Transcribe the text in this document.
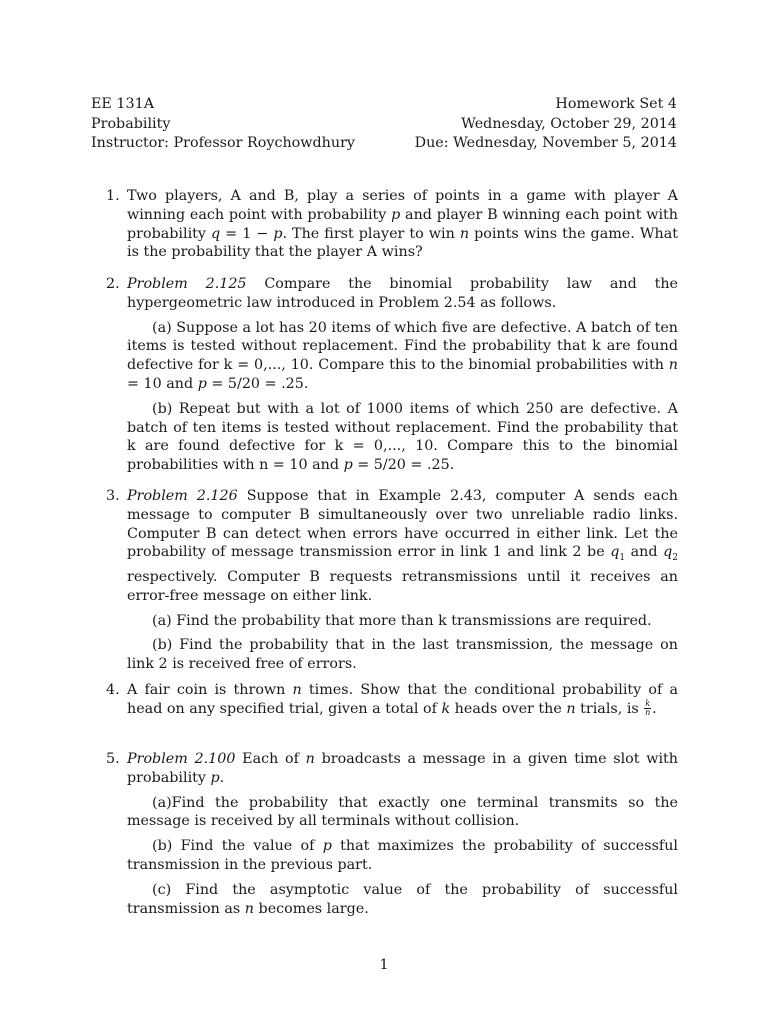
EE 131A
Probability
Instructor: Professor Roychowdhury
Homework Set 4
Wednesday, October 29, 2014
Due: Wednesday, November 5, 2014
1. Two players, A and B, play a series of points in a game with player A winning each point with probability p and player B winning each point with probability q = 1 − p. The first player to win n points wins the game. What is the probability that the player A wins?
2. Problem 2.125 Compare the binomial probability law and the hypergeometric law introduced in Problem 2.54 as follows.
(a) Suppose a lot has 20 items of which five are defective. A batch of ten items is tested without replacement. Find the probability that k are found defective for k = 0,..., 10. Compare this to the binomial probabilities with n = 10 and p = 5/20 = .25.
(b) Repeat but with a lot of 1000 items of which 250 are defective. A batch of ten items is tested without replacement. Find the probability that k are found defective for k = 0,..., 10. Compare this to the binomial probabilities with n = 10 and p = 5/20 = .25.
3. Problem 2.126 Suppose that in Example 2.43, computer A sends each message to computer B simultaneously over two unreliable radio links. Computer B can detect when errors have occurred in either link. Let the probability of message transmission error in link 1 and link 2 be $q_1$ and $q_2$ respectively. Computer B requests retransmissions until it receives an error-free message on either link.
(a) Find the probability that more than k transmissions are required.
(b) Find the probability that in the last transmission, the message on link 2 is received free of errors.
4. A fair coin is thrown n times. Show that the conditional probability of a head on any specified trial, given a total of k heads over the n trials, is $\frac{k}{n}$ .
5. Problem 2.100 Each of n broadcasts a message in a given time slot with probability p.
(a)Find the probability that exactly one terminal transmits so the message is received by all terminals without collision.
(b) Find the value of p that maximizes the probability of successful transmission in the previous part.
(c) Find the asymptotic value of the probability of successful transmission as n becomes large.
1
